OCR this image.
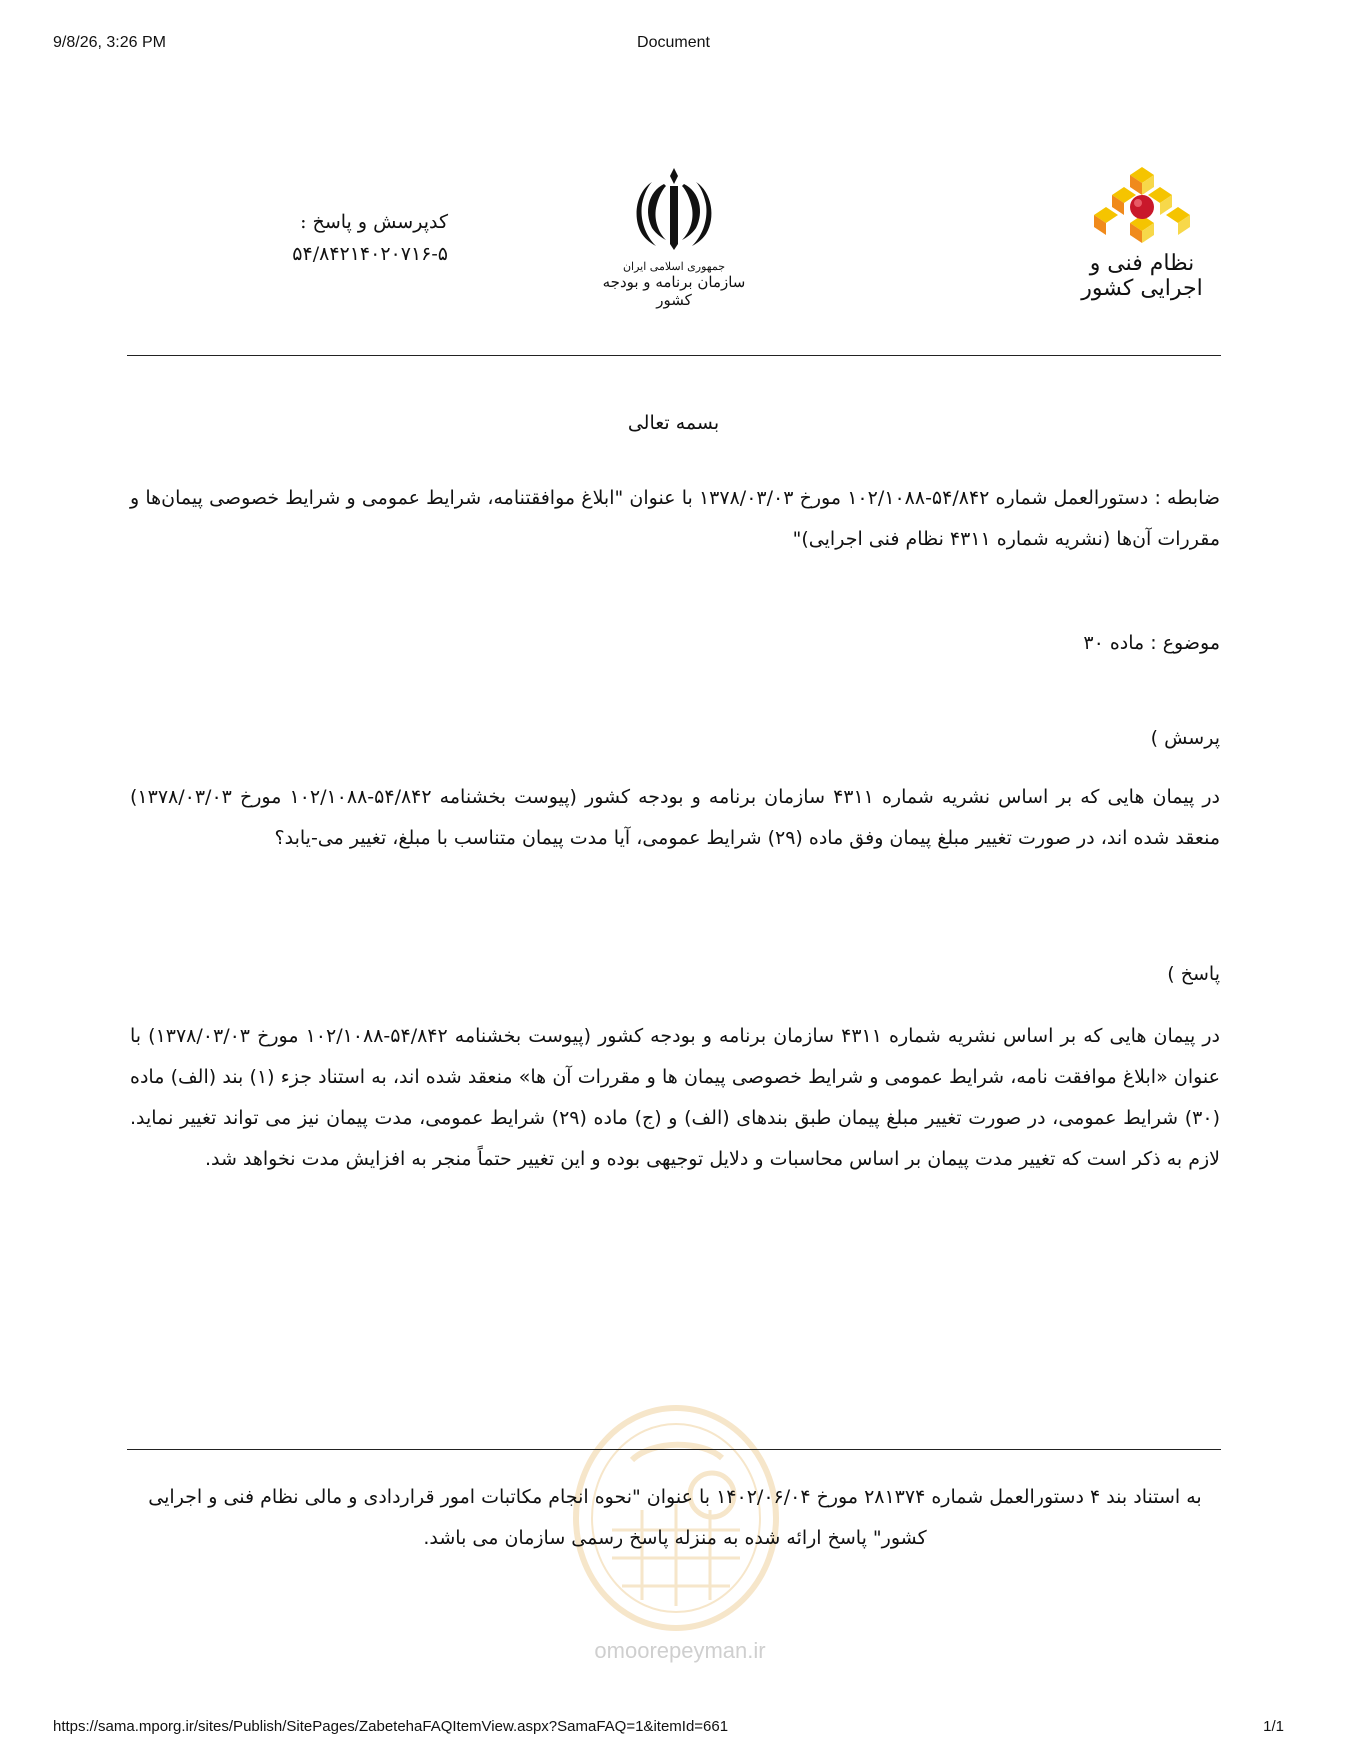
9/8/26, 3:26 PM	Document
نظام فنی و اجرایی کشور
جمهوری اسلامی ایران
سازمان برنامه و بودجه کشور
کدپرسش و پاسخ :
۵۴/۸۴۲۱۴۰۲۰۷۱۶-۵
بسمه تعالی
ضابطه : دستورالعمل شماره ۵۴/۸۴۲-۱۰۲/۱۰۸۸ مورخ ۱۳۷۸/۰۳/۰۳ با عنوان "ابلاغ موافقتنامه، شرایط عمومی و شرایط خصوصی پیمان‌ها و مقررات آن‌ها (نشریه شماره ۴۳۱۱ نظام فنی اجرایی)"
موضوع : ماده ۳۰
پرسش )
در پیمان هایی که بر اساس نشریه شماره ۴۳۱۱ سازمان برنامه و بودجه کشور (پیوست بخشنامه ۵۴/۸۴۲-۱۰۲/۱۰۸۸ مورخ ۱۳۷۸/۰۳/۰۳) منعقد شده اند، در صورت تغییر مبلغ پیمان وفق ماده (۲۹) شرایط عمومی، آیا مدت پیمان متناسب با مبلغ، تغییر می-یابد؟
پاسخ )
در پیمان هایی که بر اساس نشریه شماره ۴۳۱۱ سازمان برنامه و بودجه کشور (پیوست بخشنامه ۵۴/۸۴۲-۱۰۲/۱۰۸۸ مورخ ۱۳۷۸/۰۳/۰۳) با عنوان «ابلاغ موافقت نامه، شرایط عمومی و شرایط خصوصی پیمان ها و مقررات آن ها» منعقد شده اند، به استناد جزء (۱) بند (الف) ماده (۳۰) شرایط عمومی، در صورت تغییر مبلغ پیمان طبق بندهای (الف) و (ج) ماده (۲۹) شرایط عمومی، مدت پیمان نیز می تواند تغییر نماید. لازم به ذکر است که تغییر مدت پیمان بر اساس محاسبات و دلایل توجیهی بوده و این تغییر حتماً منجر به افزایش مدت نخواهد شد.
به استناد بند ۴ دستورالعمل شماره ۲۸۱۳۷۴ مورخ ۱۴۰۲/۰۶/۰۴ با عنوان "نحوه انجام مکاتبات امور قراردادی و مالی نظام فنی و اجرایی کشور" پاسخ ارائه شده به منزله پاسخ رسمی سازمان می باشد.
omoorepeyman.ir
https://sama.mporg.ir/sites/Publish/SitePages/ZabetehaFAQItemView.aspx?SamaFAQ=1&itemId=661	1/1
